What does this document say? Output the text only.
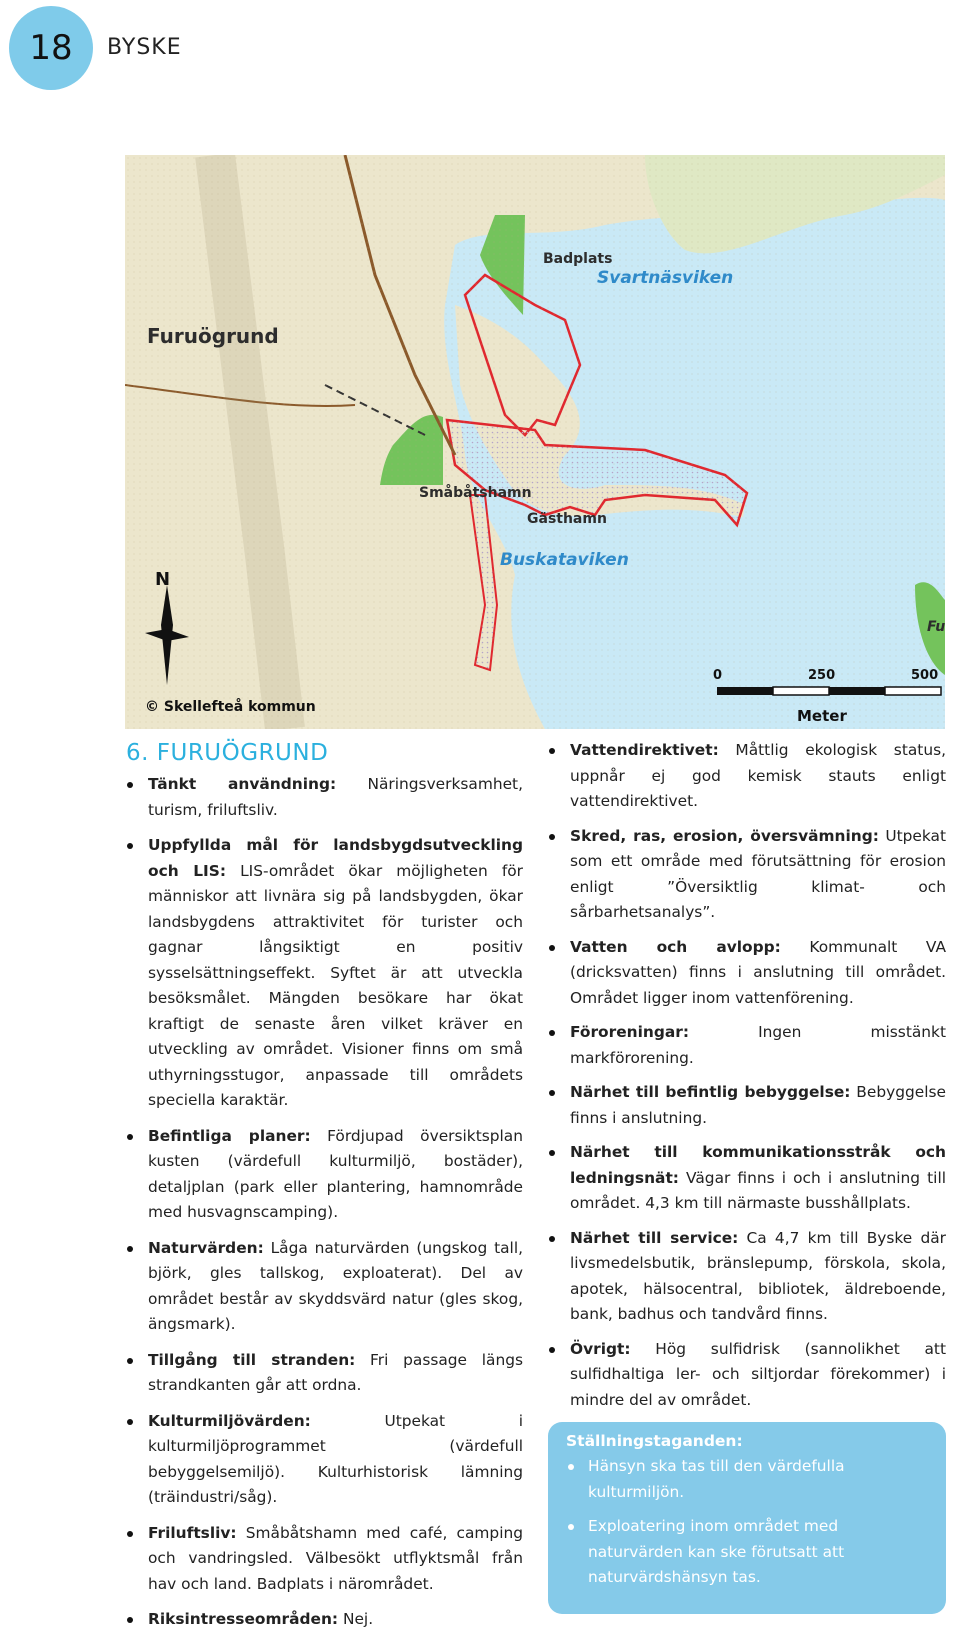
18	BYSKE
Furuögrund
Badplats
Svartnäsviken
Småbåtshamn
Gästhamn
Buskataviken
Fu
N
© Skellefteå kommun
0	250	500
Meter
6. FURUÖGRUND
Tänkt användning: Näringsverksamhet, turism, friluftsliv.
Uppfyllda mål för landsbygdsutveckling och LIS: LIS-området ökar möjligheten för människor att livnära sig på landsbygden, ökar landsbygdens attraktivitet för turister och gagnar långsiktigt en positiv sysselsättningseffekt. Syftet är att utveckla besöksmålet. Mängden besökare har ökat kraftigt de senaste åren vilket kräver en utveckling av området. Visioner finns om små uthyrningsstugor, anpassade till områdets speciella karaktär.
Befintliga planer: Fördjupad översiktsplan kusten (värdefull kulturmiljö, bostäder), detaljplan (park eller plantering, hamnområde med husvagnscamping).
Naturvärden: Låga naturvärden (ungskog tall, björk, gles tallskog, exploaterat). Del av området består av skyddsvärd natur (gles skog, ängsmark).
Tillgång till stranden: Fri passage längs strandkanten går att ordna.
Kulturmiljövärden: Utpekat i kulturmiljöprogrammet (värdefull bebyggelsemiljö). Kulturhistorisk lämning (träindustri/såg).
Friluftsliv: Småbåtshamn med café, camping och vandringsled. Välbesökt utflyktsmål från hav och land. Badplats i närområdet.
Riksintresseområden: Nej.
Vattendirektivet: Måttlig ekologisk status, uppnår ej god kemisk stauts enligt vattendirektivet.
Skred, ras, erosion, översvämning: Utpekat som ett område med förutsättning för erosion enligt ”Översiktlig klimat- och sårbarhetsanalys”.
Vatten och avlopp: Kommunalt VA (dricksvatten) finns i anslutning till området. Området ligger inom vattenförening.
Föroreningar: Ingen misstänkt markförorening.
Närhet till befintlig bebyggelse: Bebyggelse finns i anslutning.
Närhet till kommunikationsstråk och ledningsnät: Vägar finns i och i anslutning till området. 4,3 km till närmaste busshållplats.
Närhet till service: Ca 4,7 km till Byske där livsmedelsbutik, bränslepump, förskola, skola, apotek, hälsocentral, bibliotek, äldreboende, bank, badhus och tandvård finns.
Övrigt: Hög sulfidrisk (sannolikhet att sulfidhaltiga ler- och siltjordar förekommer) i mindre del av området.
Ställningstaganden:
Hänsyn ska tas till den värdefulla kulturmiljön.
Exploatering inom området med naturvärden kan ske förutsatt att naturvärdshänsyn tas.
